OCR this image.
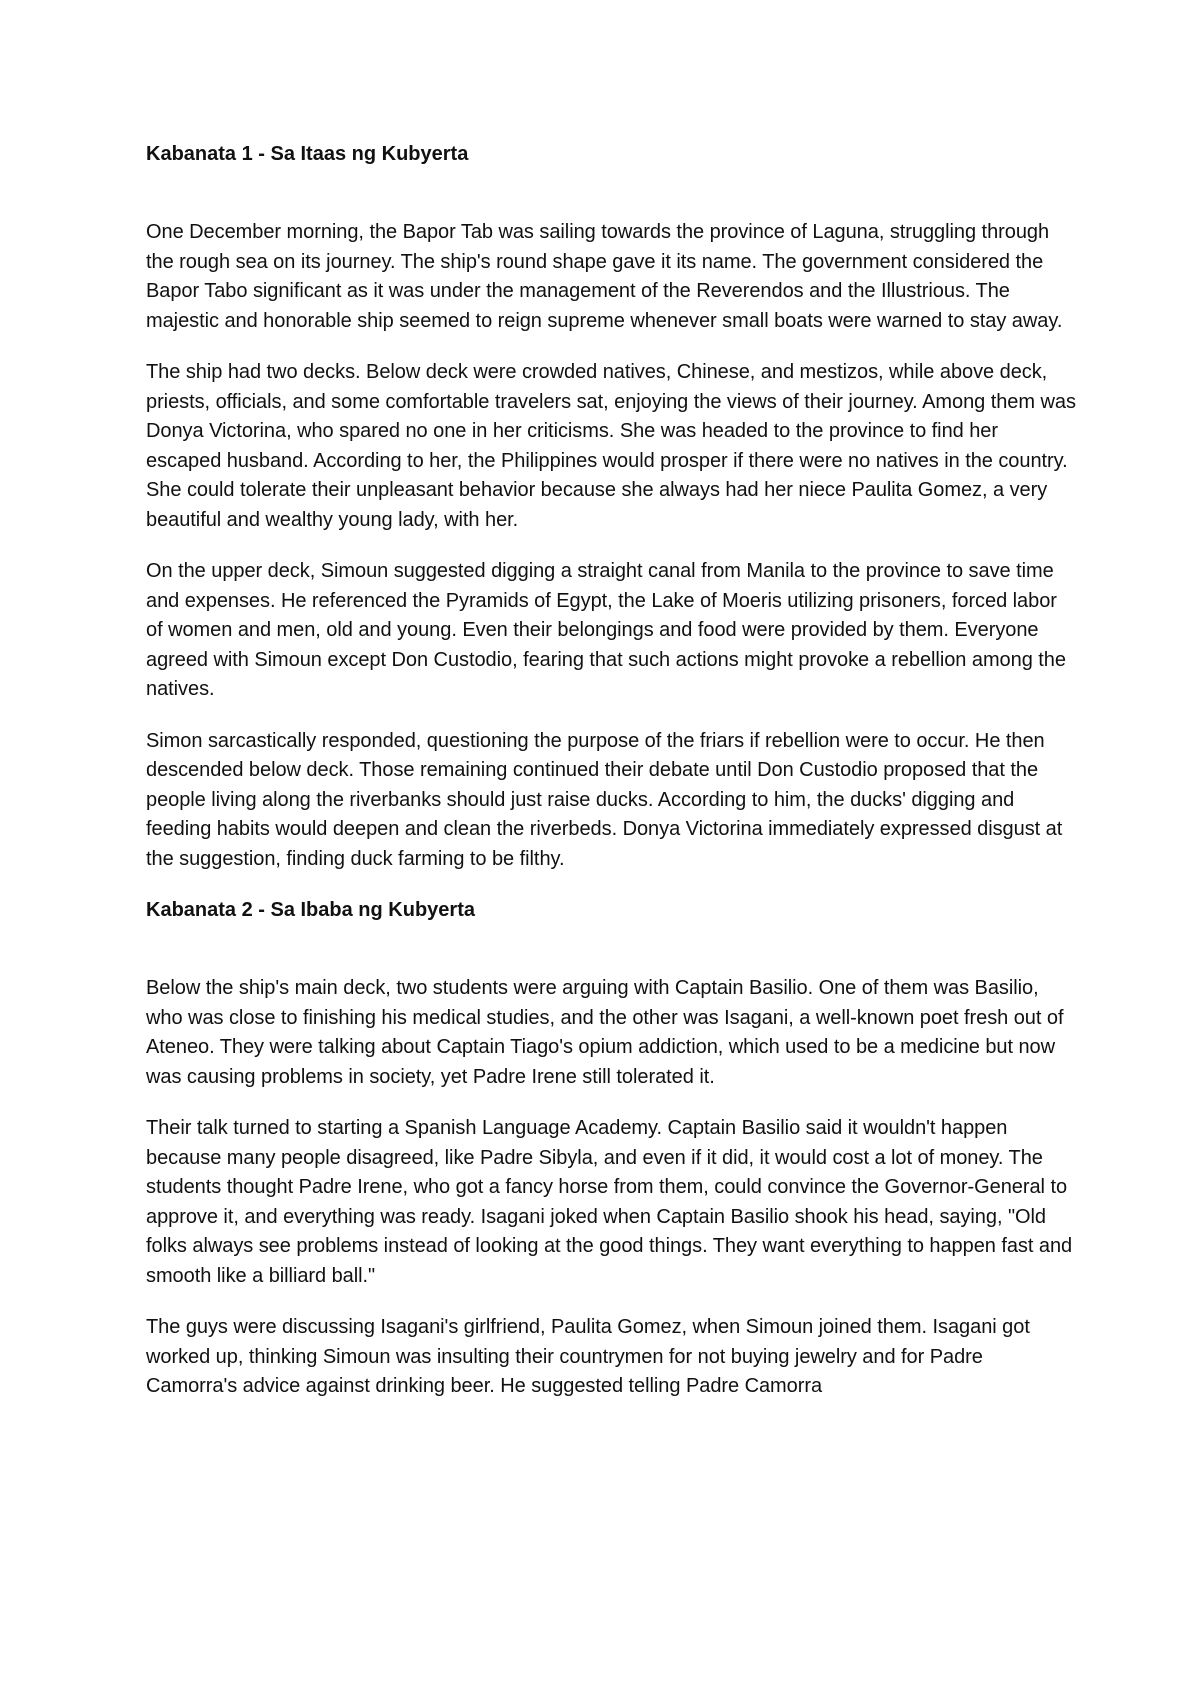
Kabanata 1 - Sa Itaas ng Kubyerta

One December morning, the Bapor Tab was sailing towards the province of Laguna, struggling through the rough sea on its journey. The ship's round shape gave it its name. The government considered the Bapor Tabo significant as it was under the management of the Reverendos and the Illustrious. The majestic and honorable ship seemed to reign supreme whenever small boats were warned to stay away.

The ship had two decks. Below deck were crowded natives, Chinese, and mestizos, while above deck, priests, officials, and some comfortable travelers sat, enjoying the views of their journey. Among them was Donya Victorina, who spared no one in her criticisms. She was headed to the province to find her escaped husband. According to her, the Philippines would prosper if there were no natives in the country. She could tolerate their unpleasant behavior because she always had her niece Paulita Gomez, a very beautiful and wealthy young lady, with her.

On the upper deck, Simoun suggested digging a straight canal from Manila to the province to save time and expenses. He referenced the Pyramids of Egypt, the Lake of Moeris utilizing prisoners, forced labor of women and men, old and young. Even their belongings and food were provided by them. Everyone agreed with Simoun except Don Custodio, fearing that such actions might provoke a rebellion among the natives.

Simon sarcastically responded, questioning the purpose of the friars if rebellion were to occur. He then descended below deck. Those remaining continued their debate until Don Custodio proposed that the people living along the riverbanks should just raise ducks. According to him, the ducks' digging and feeding habits would deepen and clean the riverbeds. Donya Victorina immediately expressed disgust at the suggestion, finding duck farming to be filthy.

Kabanata 2 - Sa Ibaba ng Kubyerta

Below the ship's main deck, two students were arguing with Captain Basilio. One of them was Basilio, who was close to finishing his medical studies, and the other was Isagani, a well-known poet fresh out of Ateneo. They were talking about Captain Tiago's opium addiction, which used to be a medicine but now was causing problems in society, yet Padre Irene still tolerated it.

Their talk turned to starting a Spanish Language Academy. Captain Basilio said it wouldn't happen because many people disagreed, like Padre Sibyla, and even if it did, it would cost a lot of money. The students thought Padre Irene, who got a fancy horse from them, could convince the Governor-General to approve it, and everything was ready. Isagani joked when Captain Basilio shook his head, saying, "Old folks always see problems instead of looking at the good things. They want everything to happen fast and smooth like a billiard ball."

The guys were discussing Isagani's girlfriend, Paulita Gomez, when Simoun joined them. Isagani got worked up, thinking Simoun was insulting their countrymen for not buying jewelry and for Padre Camorra's advice against drinking beer. He suggested telling Padre Camorra
